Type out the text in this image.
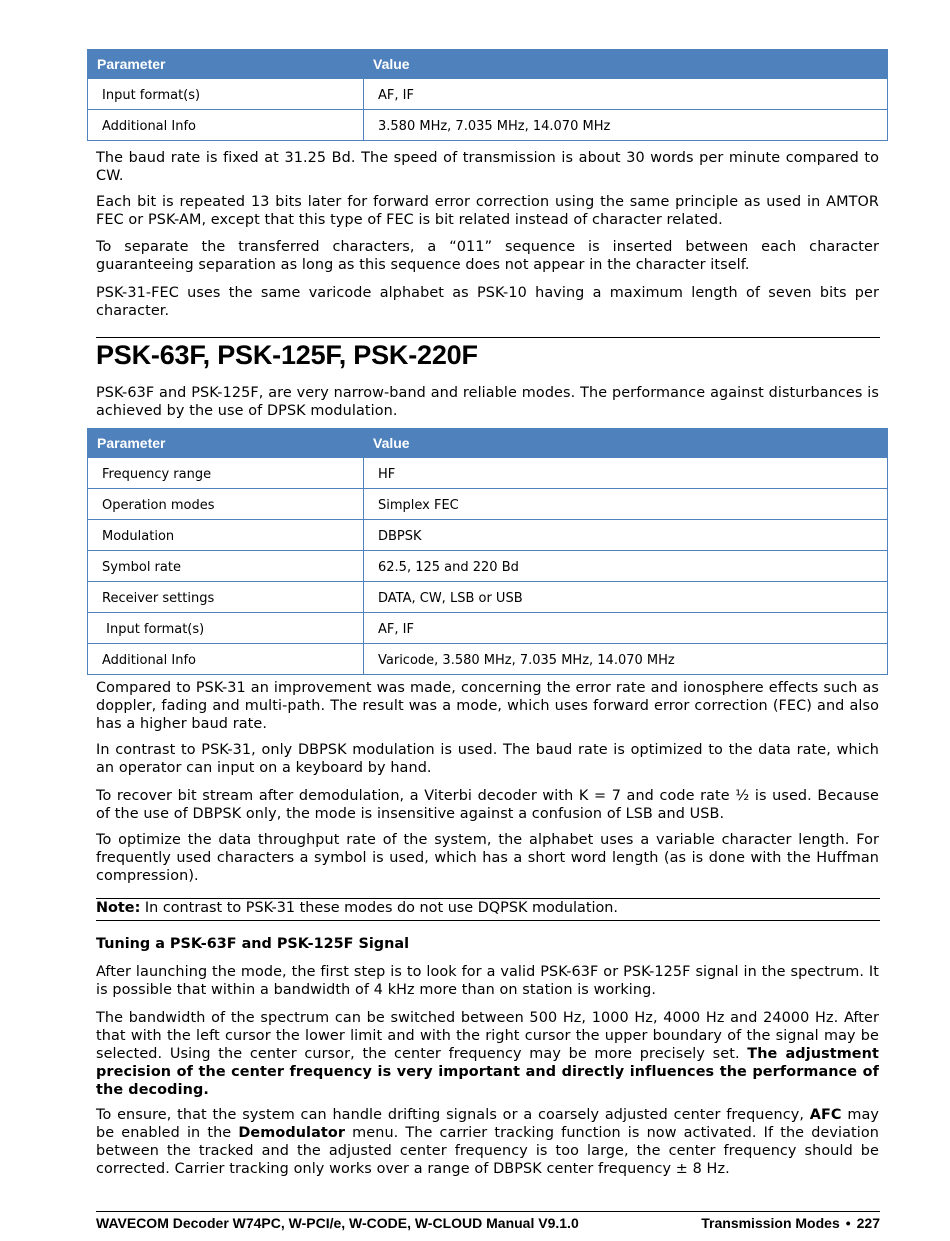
Parameter	Value
Input format(s)	AF, IF
Additional Info	3.580 MHz, 7.035 MHz, 14.070 MHz

The baud rate is fixed at 31.25 Bd. The speed of transmission is about 30 words per minute compared to CW.

Each bit is repeated 13 bits later for forward error correction using the same principle as used in AMTOR FEC or PSK-AM, except that this type of FEC is bit related instead of character related.

To separate the transferred characters, a “011” sequence is inserted between each character guaranteeing separation as long as this sequence does not appear in the character itself.

PSK-31-FEC uses the same varicode alphabet as PSK-10 having a maximum length of seven bits per character.

PSK-63F, PSK-125F, PSK-220F

PSK-63F and PSK-125F, are very narrow-band and reliable modes. The performance against disturbances is achieved by the use of DPSK modulation.

Parameter	Value
Frequency range	HF
Operation modes	Simplex FEC
Modulation	DBPSK
Symbol rate	62.5, 125 and 220 Bd
Receiver settings	DATA, CW, LSB or USB
Input format(s)	AF, IF
Additional Info	Varicode, 3.580 MHz, 7.035 MHz, 14.070 MHz

Compared to PSK-31 an improvement was made, concerning the error rate and ionosphere effects such as doppler, fading and multi-path. The result was a mode, which uses forward error correction (FEC) and also has a higher baud rate.

In contrast to PSK-31, only DBPSK modulation is used. The baud rate is optimized to the data rate, which an operator can input on a keyboard by hand.

To recover bit stream after demodulation, a Viterbi decoder with K = 7 and code rate ½ is used. Because of the use of DBPSK only, the mode is insensitive against a confusion of LSB and USB.

To optimize the data throughput rate of the system, the alphabet uses a variable character length. For frequently used characters a symbol is used, which has a short word length (as is done with the Huffman compression).

Note: In contrast to PSK-31 these modes do not use DQPSK modulation.

Tuning a PSK-63F and PSK-125F Signal

After launching the mode, the first step is to look for a valid PSK-63F or PSK-125F signal in the spectrum. It is possible that within a bandwidth of 4 kHz more than on station is working.

The bandwidth of the spectrum can be switched between 500 Hz, 1000 Hz, 4000 Hz and 24000 Hz. After that with the left cursor the lower limit and with the right cursor the upper boundary of the signal may be selected. Using the center cursor, the center frequency may be more precisely set. The adjustment precision of the center frequency is very important and directly influences the performance of the decoding.

To ensure, that the system can handle drifting signals or a coarsely adjusted center frequency, AFC may be enabled in the Demodulator menu. The carrier tracking function is now activated. If the deviation between the tracked and the adjusted center frequency is too large, the center frequency should be corrected. Carrier tracking only works over a range of DBPSK center frequency ± 8 Hz.

WAVECOM Decoder W74PC, W-PCI/e, W-CODE, W-CLOUD Manual V9.1.0	Transmission Modes • 227
